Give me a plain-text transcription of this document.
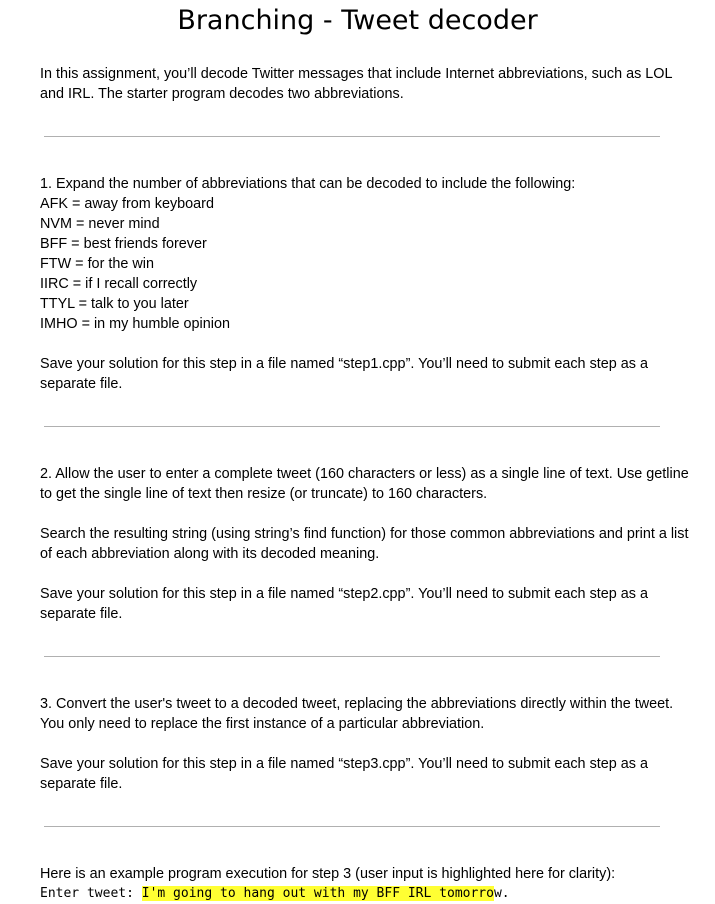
Branching - Tweet decoder

In this assignment, you’ll decode Twitter messages that include Internet abbreviations, such as LOL and IRL. The starter program decodes two abbreviations.

1. Expand the number of abbreviations that can be decoded to include the following:

AFK = away from keyboard

NVM = never mind

BFF = best friends forever

FTW = for the win

IIRC = if I recall correctly

TTYL = talk to you later

IMHO = in my humble opinion

Save your solution for this step in a file named “step1.cpp”. You’ll need to submit each step as a separate file.

2. Allow the user to enter a complete tweet (160 characters or less) as a single line of text. Use getline to get the single line of text then resize (or truncate) to 160 characters.

Search the resulting string (using string’s find function) for those common abbreviations and print a list of each abbreviation along with its decoded meaning.

Save your solution for this step in a file named “step2.cpp”. You’ll need to submit each step as a separate file.

3. Convert the user's tweet to a decoded tweet, replacing the abbreviations directly within the tweet. You only need to replace the first instance of a particular abbreviation.

Save your solution for this step in a file named “step3.cpp”. You’ll need to submit each step as a separate file.

Here is an example program execution for step 3 (user input is highlighted here for clarity):

Enter tweet: I'm going to hang out with my BFF IRL tomorrow.
